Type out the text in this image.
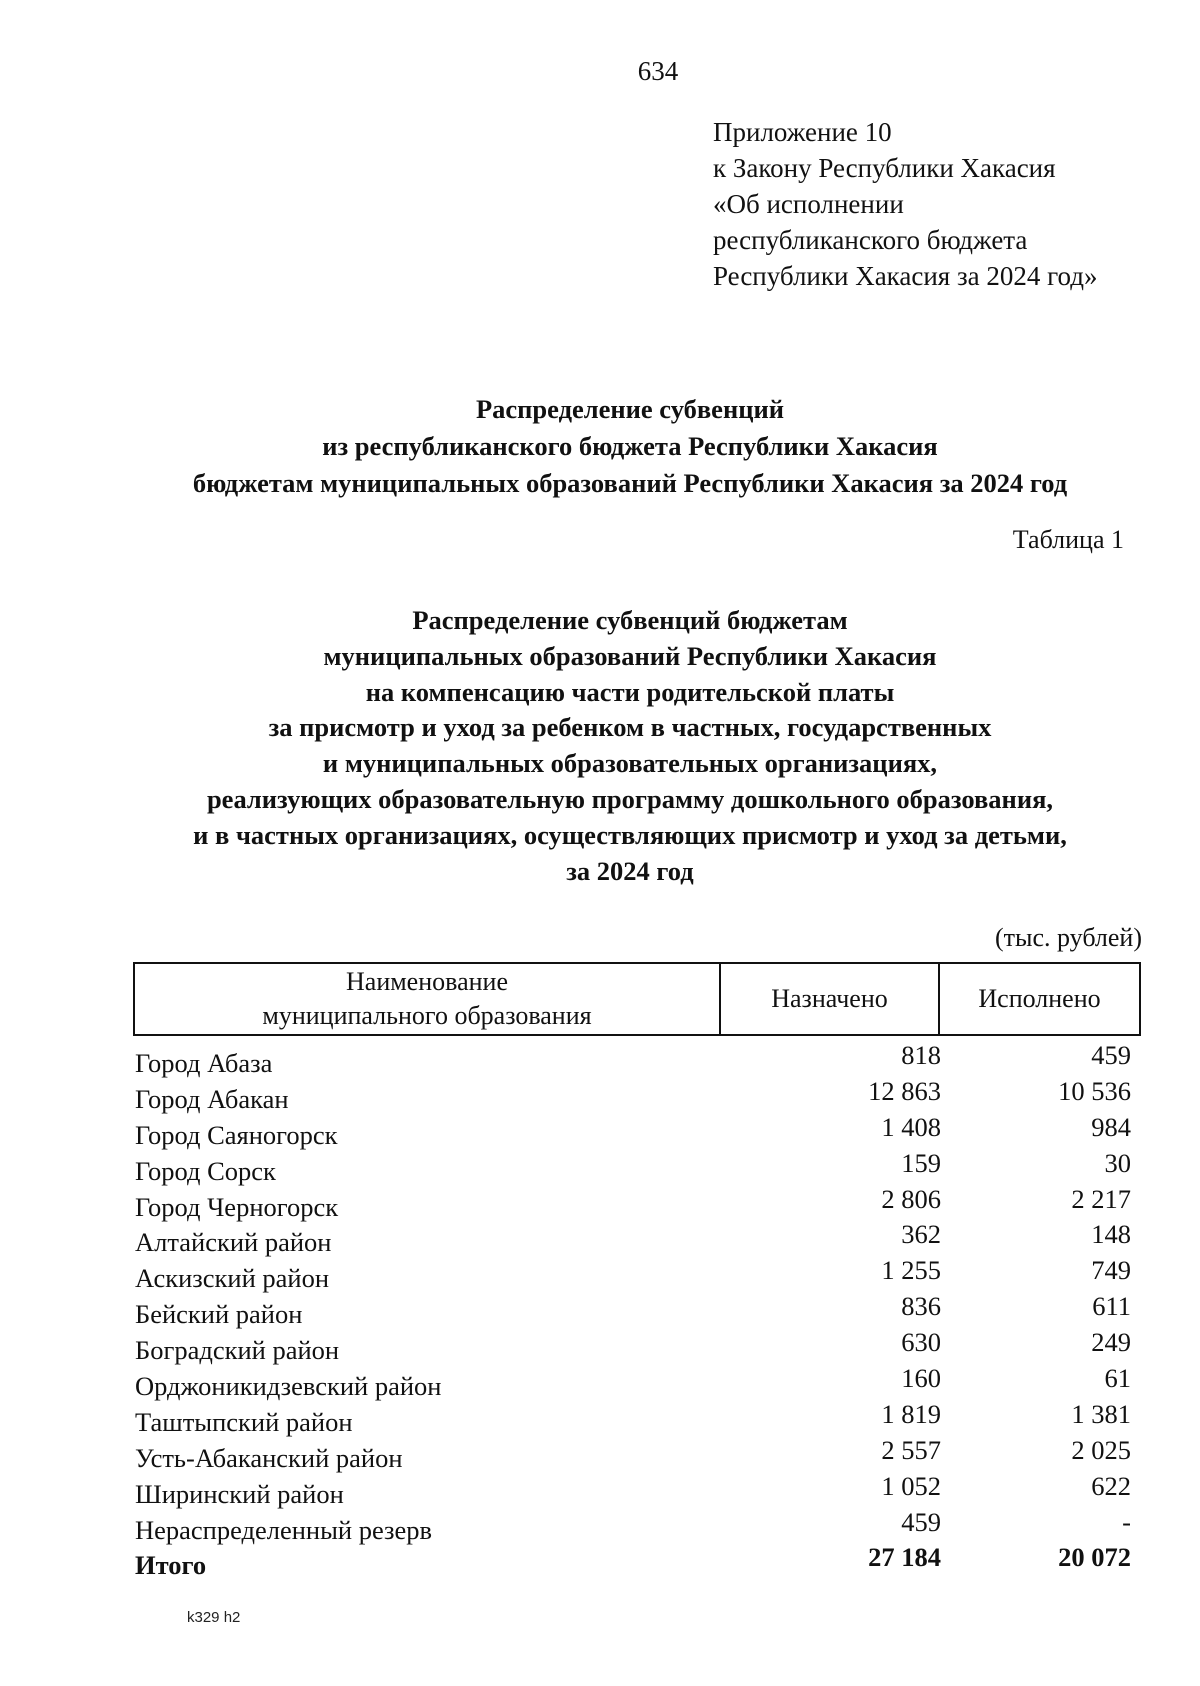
634
Приложение 10
к Закону Республики Хакасия
«Об исполнении
республиканского бюджета
Республики Хакасия за 2024 год»
Распределение субвенций
из республиканского бюджета Республики Хакасия
бюджетам муниципальных образований Республики Хакасия за 2024 год
Таблица 1
Распределение субвенций бюджетам
муниципальных образований Республики Хакасия
на компенсацию части родительской платы
за присмотр и уход за ребенком в частных, государственных
и муниципальных образовательных организациях,
реализующих образовательную программу дошкольного образования,
и в частных организациях, осуществляющих присмотр и уход за детьми,
за 2024 год
(тыс. рублей)
Наименование
муниципального образования
Назначено	Исполнено
Город Абаза	818	459
Город Абакан	12 863	10 536
Город Саяногорск	1 408	984
Город Сорск	159	30
Город Черногорск	2 806	2 217
Алтайский район	362	148
Аскизский район	1 255	749
Бейский район	836	611
Боградский район	630	249
Орджоникидзевский район	160	61
Таштыпский район	1 819	1 381
Усть-Абаканский район	2 557	2 025
Ширинский район	1 052	622
Нераспределенный резерв	459	-
Итого	27 184	20 072
k329 h2
